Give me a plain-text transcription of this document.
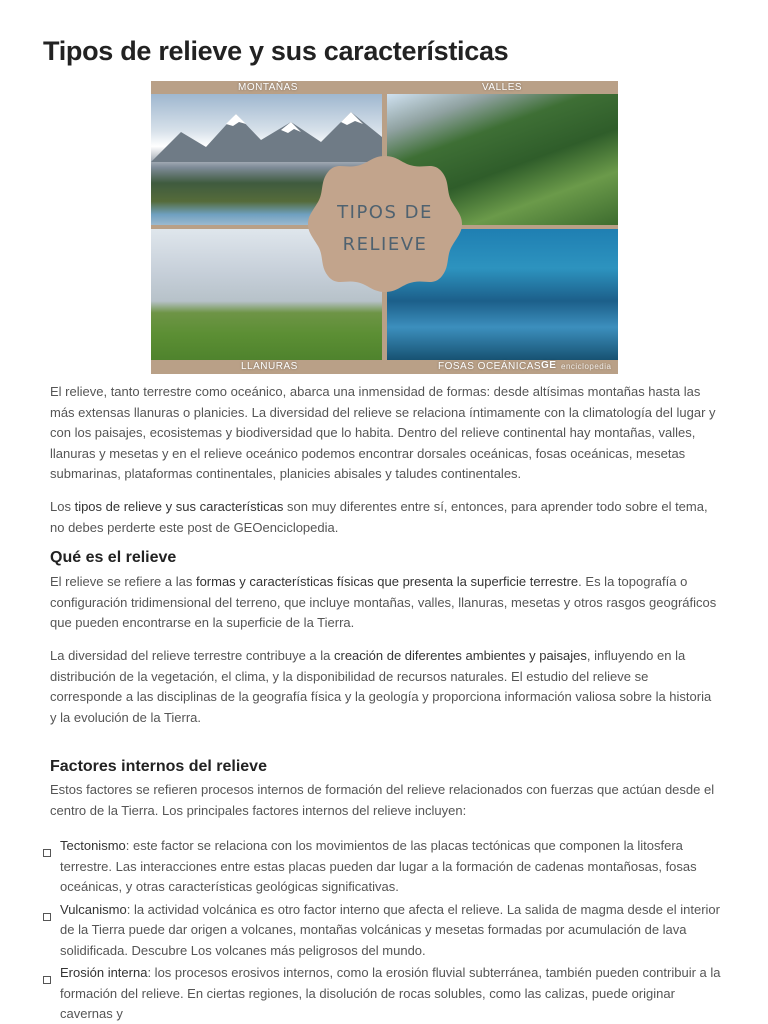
Tipos de relieve y sus características
MONTAÑAS	VALLES
LLANURAS	FOSAS OCEÁNICAS GE enciclopedia
TIPOS DE
RELIEVE

El relieve, tanto terrestre como oceánico, abarca una inmensidad de formas: desde altísimas montañas hasta las más extensas llanuras o planicies. La diversidad del relieve se relaciona íntimamente con la climatología del lugar y con los paisajes, ecosistemas y biodiversidad que lo habita. Dentro del relieve continental hay montañas, valles, llanuras y mesetas y en el relieve oceánico podemos encontrar dorsales oceánicas, fosas oceánicas, mesetas submarinas, plataformas continentales, planicies abisales y taludes continentales.

Los tipos de relieve y sus características son muy diferentes entre sí, entonces, para aprender todo sobre el tema, no debes perderte este post de GEOenciclopedia.

Qué es el relieve

El relieve se refiere a las formas y características físicas que presenta la superficie terrestre. Es la topografía o configuración tridimensional del terreno, que incluye montañas, valles, llanuras, mesetas y otros rasgos geográficos que pueden encontrarse en la superficie de la Tierra.

La diversidad del relieve terrestre contribuye a la creación de diferentes ambientes y paisajes, influyendo en la distribución de la vegetación, el clima, y la disponibilidad de recursos naturales. El estudio del relieve se corresponde a las disciplinas de la geografía física y la geología y proporciona información valiosa sobre la historia y la evolución de la Tierra.

Factores internos del relieve

Estos factores se refieren procesos internos de formación del relieve relacionados con fuerzas que actúan desde el centro de la Tierra. Los principales factores internos del relieve incluyen:

Tectonismo: este factor se relaciona con los movimientos de las placas tectónicas que componen la litosfera terrestre. Las interacciones entre estas placas pueden dar lugar a la formación de cadenas montañosas, fosas oceánicas, y otras características geológicas significativas.
Vulcanismo: la actividad volcánica es otro factor interno que afecta el relieve. La salida de magma desde el interior de la Tierra puede dar origen a volcanes, montañas volcánicas y mesetas formadas por acumulación de lava solidificada. Descubre Los volcanes más peligrosos del mundo.
Erosión interna: los procesos erosivos internos, como la erosión fluvial subterránea, también pueden contribuir a la formación del relieve. En ciertas regiones, la disolución de rocas solubles, como las calizas, puede originar cavernas y
